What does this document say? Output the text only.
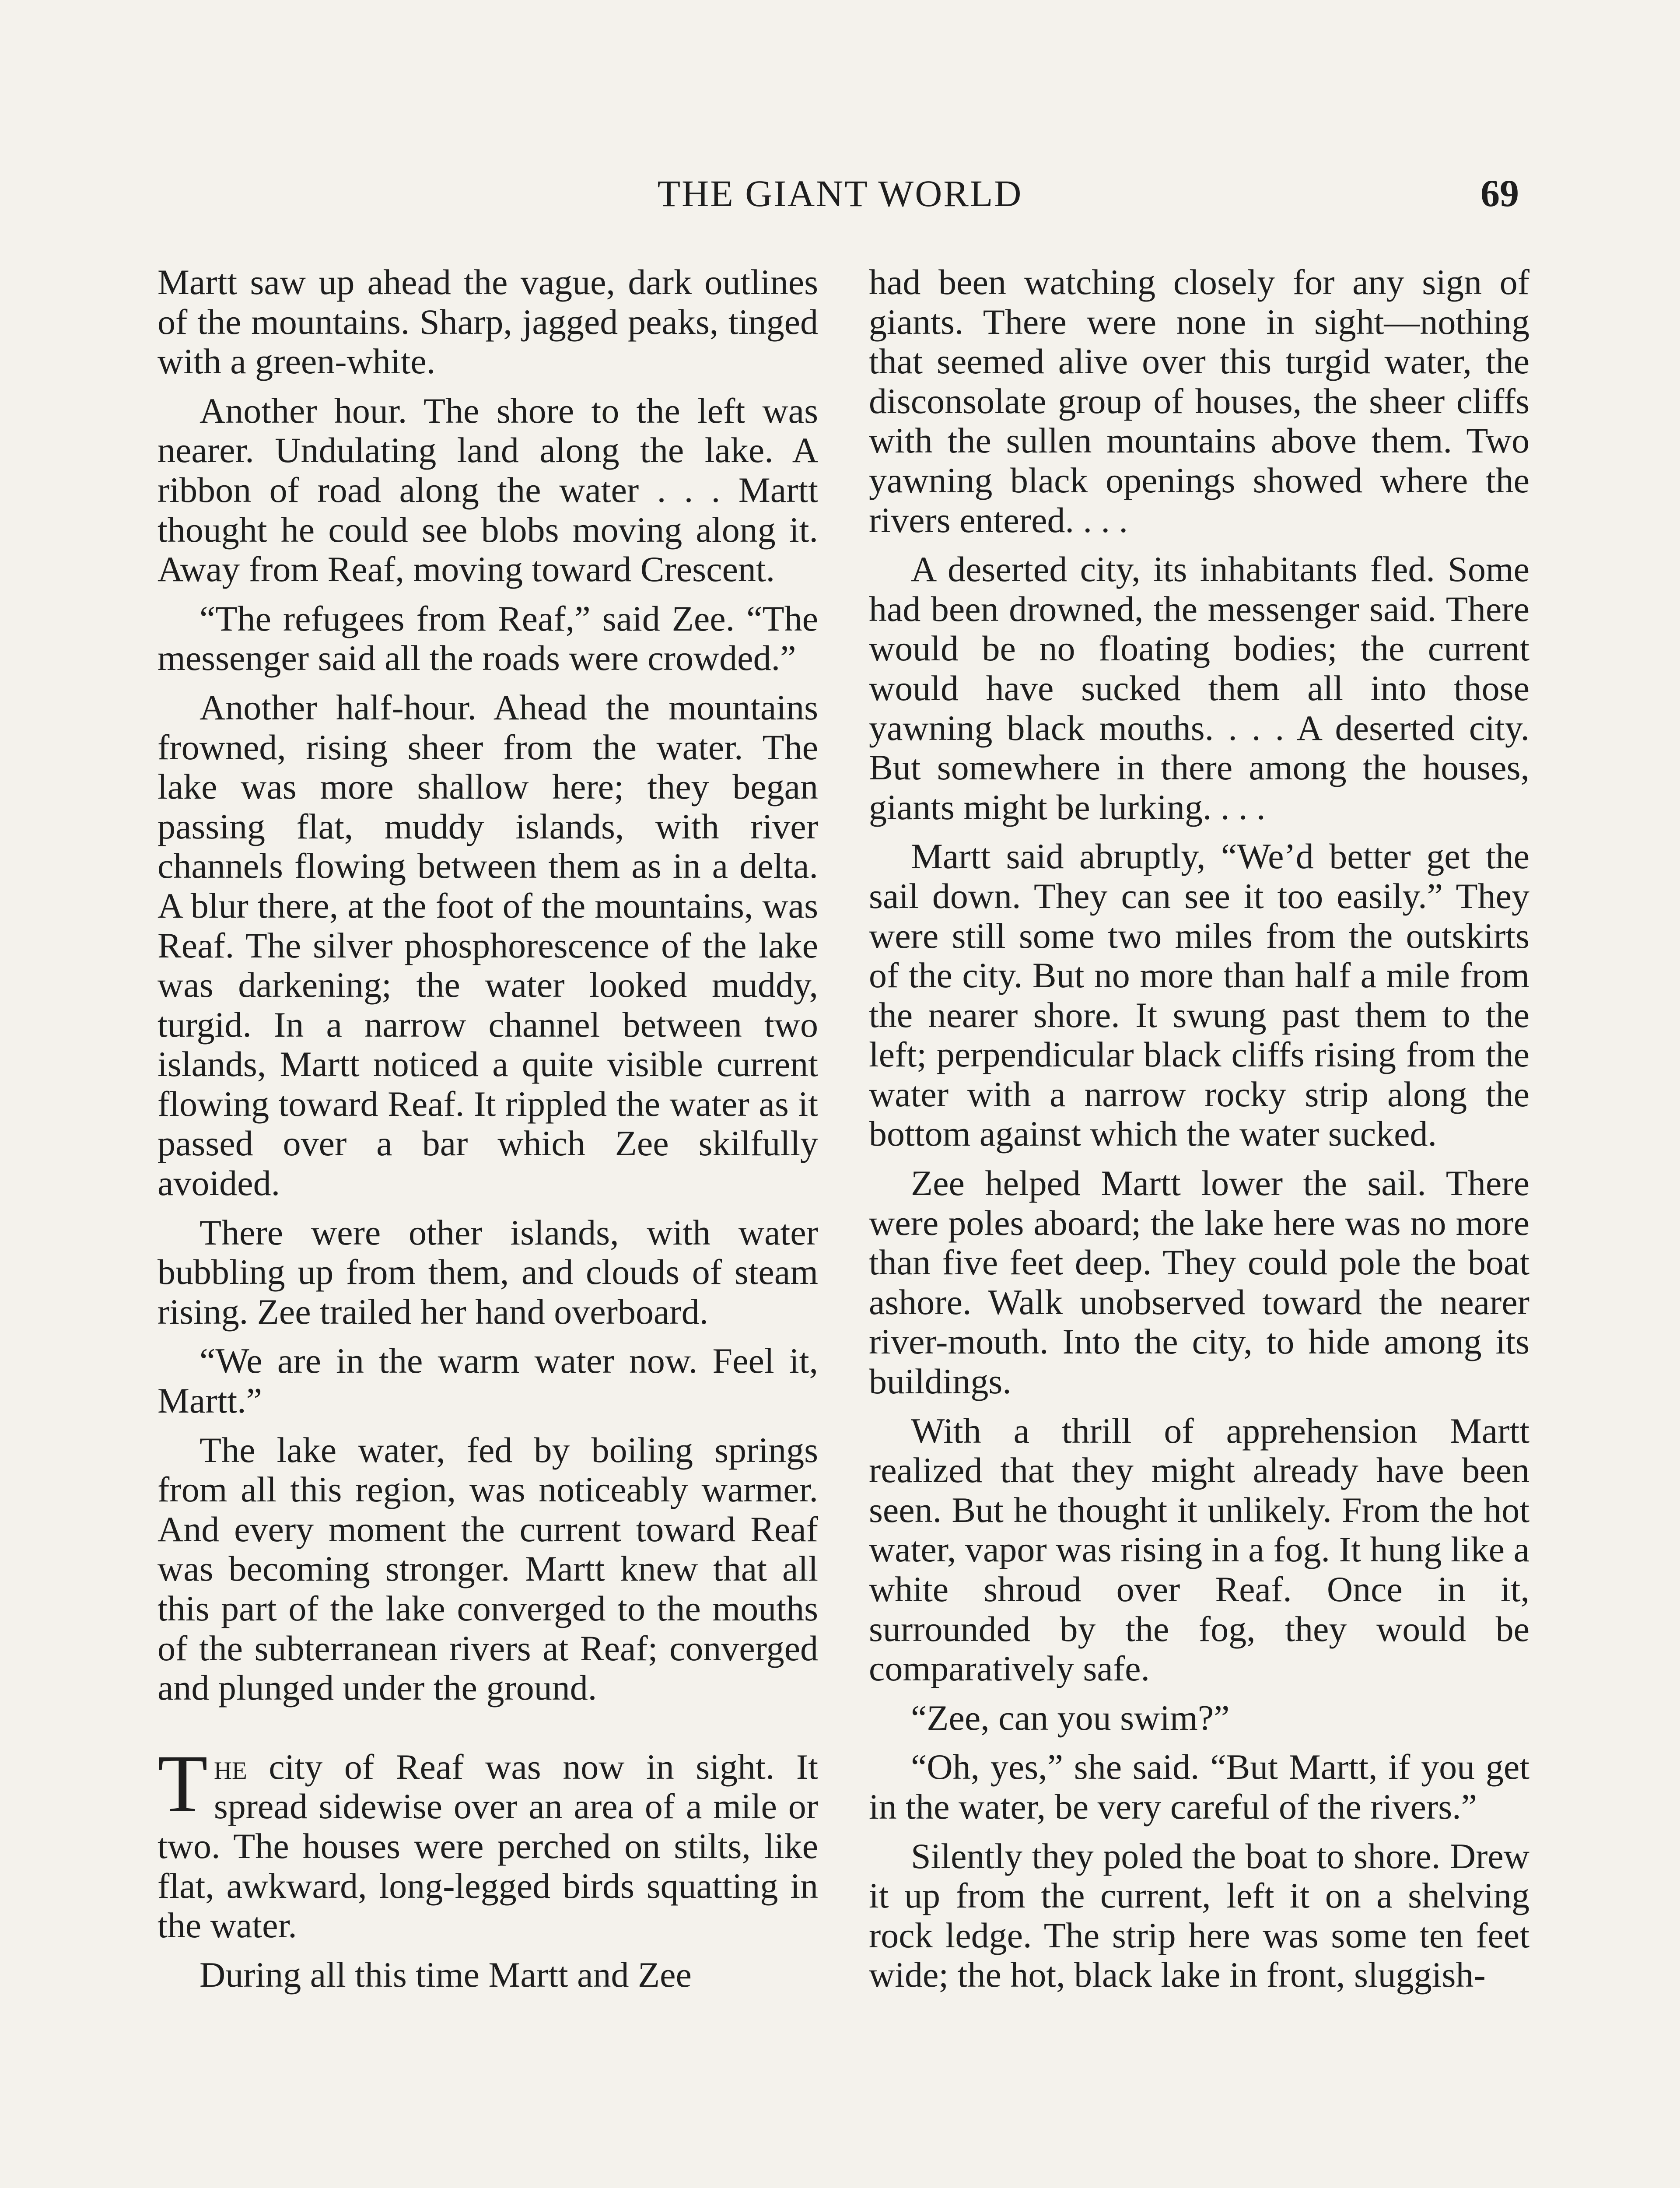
THE GIANT WORLD	69

Martt saw up ahead the vague, dark outlines of the mountains. Sharp, jagged peaks, tinged with a green-white.

Another hour. The shore to the left was nearer. Undulating land along the lake. A ribbon of road along the water . . . Martt thought he could see blobs moving along it. Away from Reaf, moving toward Crescent.

“The refugees from Reaf,” said Zee. “The messenger said all the roads were crowded.”

Another half-hour. Ahead the mountains frowned, rising sheer from the water. The lake was more shallow here; they began passing flat, muddy islands, with river channels flowing between them as in a delta. A blur there, at the foot of the mountains, was Reaf. The silver phosphorescence of the lake was darkening; the water looked muddy, turgid. In a narrow channel between two islands, Martt noticed a quite visible current flowing toward Reaf. It rippled the water as it passed over a bar which Zee skilfully avoided.

There were other islands, with water bubbling up from them, and clouds of steam rising. Zee trailed her hand overboard.

“We are in the warm water now. Feel it, Martt.”

The lake water, fed by boiling springs from all this region, was noticeably warmer. And every moment the current toward Reaf was becoming stronger. Martt knew that all this part of the lake converged to the mouths of the subterranean rivers at Reaf; converged and plunged under the ground.

The city of Reaf was now in sight. It spread sidewise over an area of a mile or two. The houses were perched on stilts, like flat, awkward, long-legged birds squatting in the water.

During all this time Martt and Zee

had been watching closely for any sign of giants. There were none in sight—nothing that seemed alive over this turgid water, the disconsolate group of houses, the sheer cliffs with the sullen mountains above them. Two yawning black openings showed where the rivers entered. . . .

A deserted city, its inhabitants fled. Some had been drowned, the messenger said. There would be no floating bodies; the current would have sucked them all into those yawning black mouths. . . . A deserted city. But somewhere in there among the houses, giants might be lurking. . . .

Martt said abruptly, “We’d better get the sail down. They can see it too easily.” They were still some two miles from the outskirts of the city. But no more than half a mile from the nearer shore. It swung past them to the left; perpendicular black cliffs rising from the water with a narrow rocky strip along the bottom against which the water sucked.

Zee helped Martt lower the sail. There were poles aboard; the lake here was no more than five feet deep. They could pole the boat ashore. Walk unobserved toward the nearer river-mouth. Into the city, to hide among its buildings.

With a thrill of apprehension Martt realized that they might already have been seen. But he thought it unlikely. From the hot water, vapor was rising in a fog. It hung like a white shroud over Reaf. Once in it, surrounded by the fog, they would be comparatively safe.

“Zee, can you swim?”

“Oh, yes,” she said. “But Martt, if you get in the water, be very careful of the rivers.”

Silently they poled the boat to shore. Drew it up from the current, left it on a shelving rock ledge. The strip here was some ten feet wide; the hot, black lake in front, sluggish-
